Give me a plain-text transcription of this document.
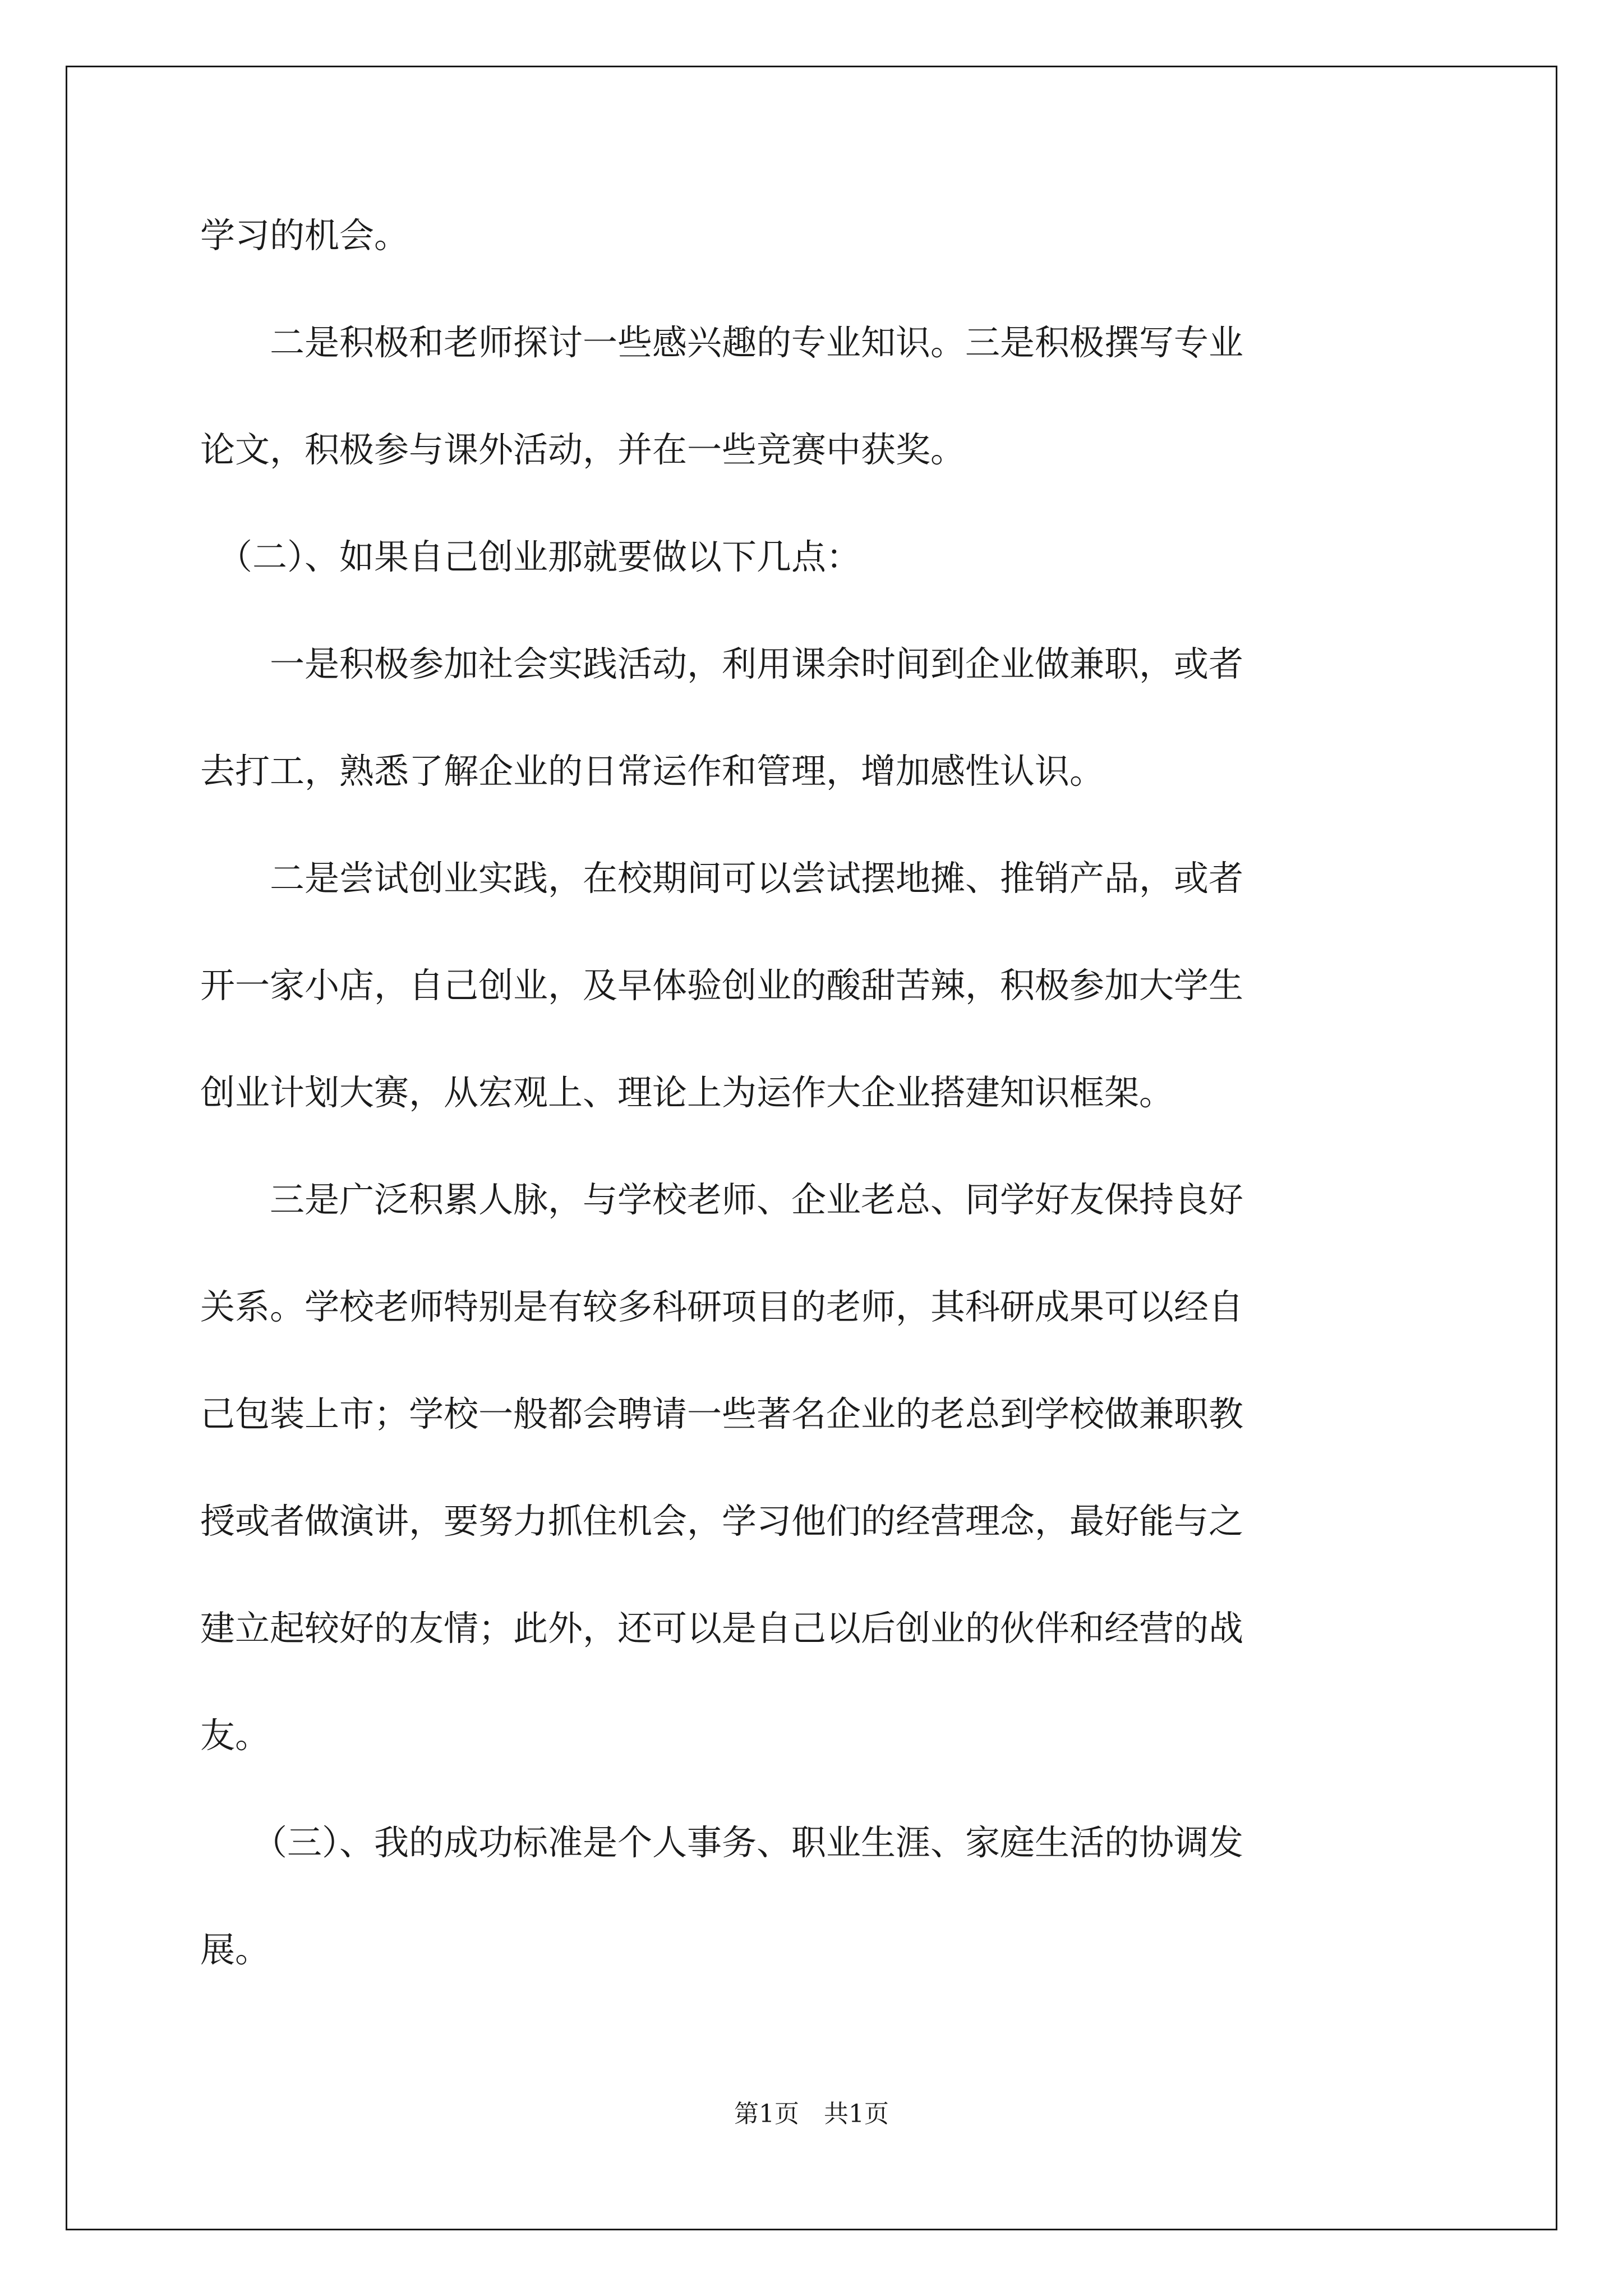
学习的机会。
　　二是积极和老师探讨一些感兴趣的专业知识。三是积极撰写专业
论文，积极参与课外活动，并在一些竞赛中获奖。
　（二）、如果自己创业那就要做以下几点：
　　一是积极参加社会实践活动，利用课余时间到企业做兼职，或者
去打工，熟悉了解企业的日常运作和管理，增加感性认识。
　　二是尝试创业实践，在校期间可以尝试摆地摊、推销产品，或者
开一家小店，自己创业，及早体验创业的酸甜苦辣，积极参加大学生
创业计划大赛，从宏观上、理论上为运作大企业搭建知识框架。
　　三是广泛积累人脉，与学校老师、企业老总、同学好友保持良好
关系。学校老师特别是有较多科研项目的老师，其科研成果可以经自
己包装上市；学校一般都会聘请一些著名企业的老总到学校做兼职教
授或者做演讲，要努力抓住机会，学习他们的经营理念，最好能与之
建立起较好的友情；此外，还可以是自己以后创业的伙伴和经营的战
友。
　　（三）、我的成功标准是个人事务、职业生涯、家庭生活的协调发
展。
第1页　共1页
